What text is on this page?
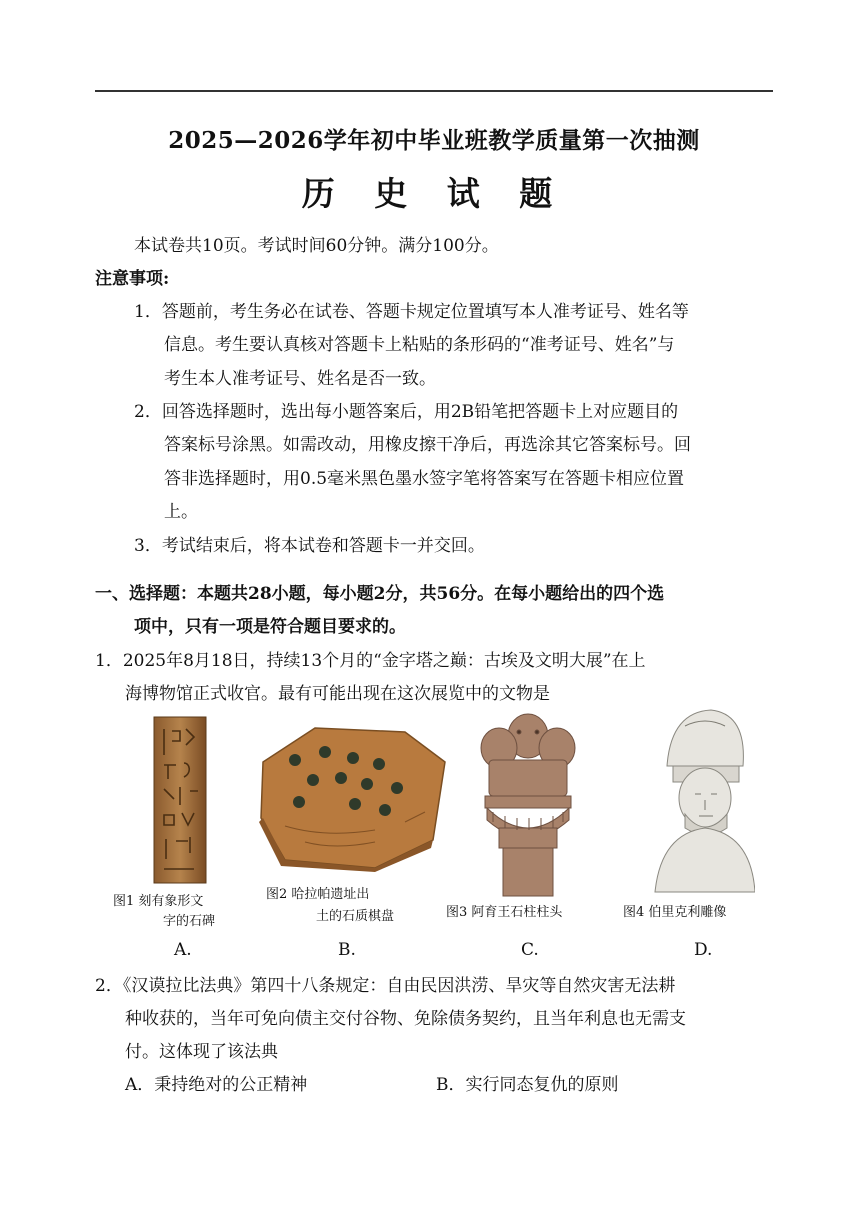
2025—2026学年初中毕业班教学质量第一次抽测
历 史 试 题
本试卷共10页。考试时间60分钟。满分100分。
注意事项:
1．答题前，考生务必在试卷、答题卡规定位置填写本人准考证号、姓名等
信息。考生要认真核对答题卡上粘贴的条形码的“准考证号、姓名”与
考生本人准考证号、姓名是否一致。
2．回答选择题时，选出每小题答案后，用2B铅笔把答题卡上对应题目的
答案标号涂黑。如需改动，用橡皮擦干净后，再选涂其它答案标号。回
答非选择题时，用0.5毫米黑色墨水签字笔将答案写在答题卡相应位置
上。
3．考试结束后，将本试卷和答题卡一并交回。
一、选择题：本题共28小题，每小题2分，共56分。在每小题给出的四个选
项中，只有一项是符合题目要求的。
1．2025年8月18日，持续13个月的“金字塔之巅：古埃及文明大展”在上
海博物馆正式收官。最有可能出现在这次展览中的文物是
图1 刻有象形文
字的石碑
A.
图2 哈拉帕遗址出
土的石质棋盘
B.
图3 阿育王石柱柱头
C.
图4 伯里克利雕像
D.
2．《汉谟拉比法典》第四十八条规定：自由民因洪涝、旱灾等自然灾害无法耕
种收获的，当年可免向债主交付谷物、免除债务契约，且当年利息也无需支
付。这体现了该法典
A．秉持绝对的公正精神	B．实行同态复仇的原则
